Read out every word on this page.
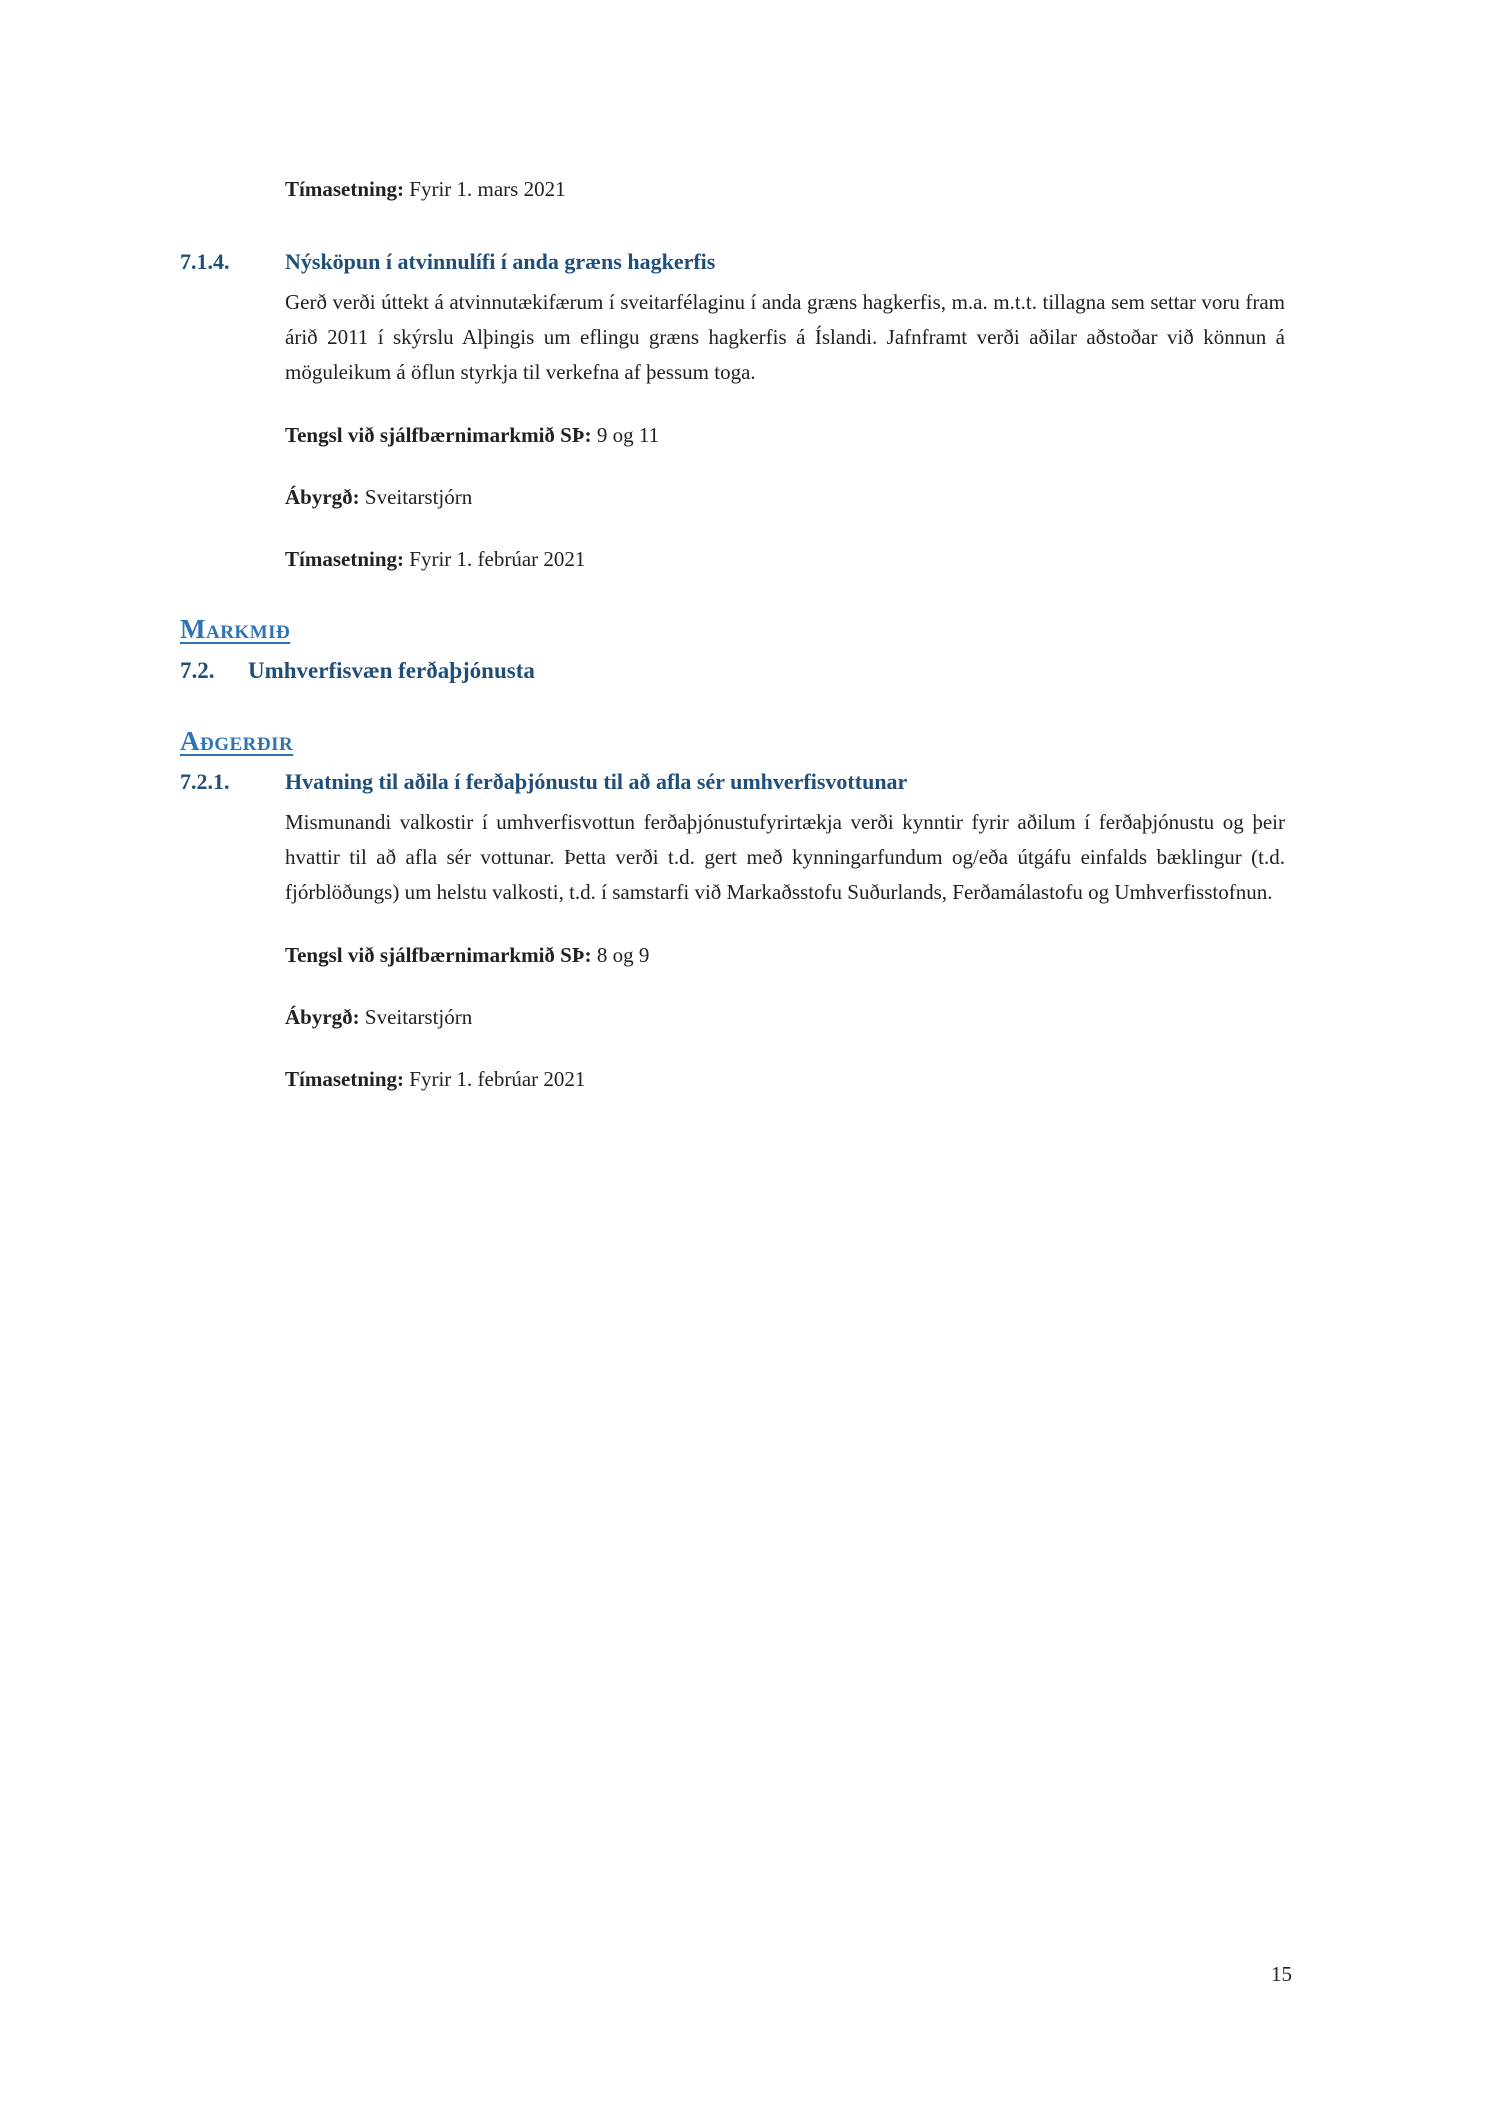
Tímasetning: Fyrir 1. mars 2021
7.1.4.	Nýsköpun í atvinnulífi í anda græns hagkerfis
Gerð verði úttekt á atvinnutækifærum í sveitarfélaginu í anda græns hagkerfis, m.a. m.t.t. tillagna sem settar voru fram árið 2011 í skýrslu Alþingis um eflingu græns hagkerfis á Íslandi. Jafnframt verði aðilar aðstoðar við könnun á möguleikum á öflun styrkja til verkefna af þessum toga.
Tengsl við sjálfbærnimarkmið SÞ: 9 og 11
Ábyrgð: Sveitarstjórn
Tímasetning: Fyrir 1. febrúar 2021
Markmið
7.2.	Umhverfisvæn ferðaþjónusta
Aðgerðir
7.2.1.	Hvatning til aðila í ferðaþjónustu til að afla sér umhverfisvottunar
Mismunandi valkostir í umhverfisvottun ferðaþjónustufyrirtækja verði kynntir fyrir aðilum í ferðaþjónustu og þeir hvattir til að afla sér vottunar. Þetta verði t.d. gert með kynningarfundum og/eða útgáfu einfalds bæklingur (t.d. fjórblöðungs) um helstu valkosti, t.d. í samstarfi við Markaðsstofu Suðurlands, Ferðamálastofu og Umhverfisstofnun.
Tengsl við sjálfbærnimarkmið SÞ: 8 og 9
Ábyrgð: Sveitarstjórn
Tímasetning: Fyrir 1. febrúar 2021
15
